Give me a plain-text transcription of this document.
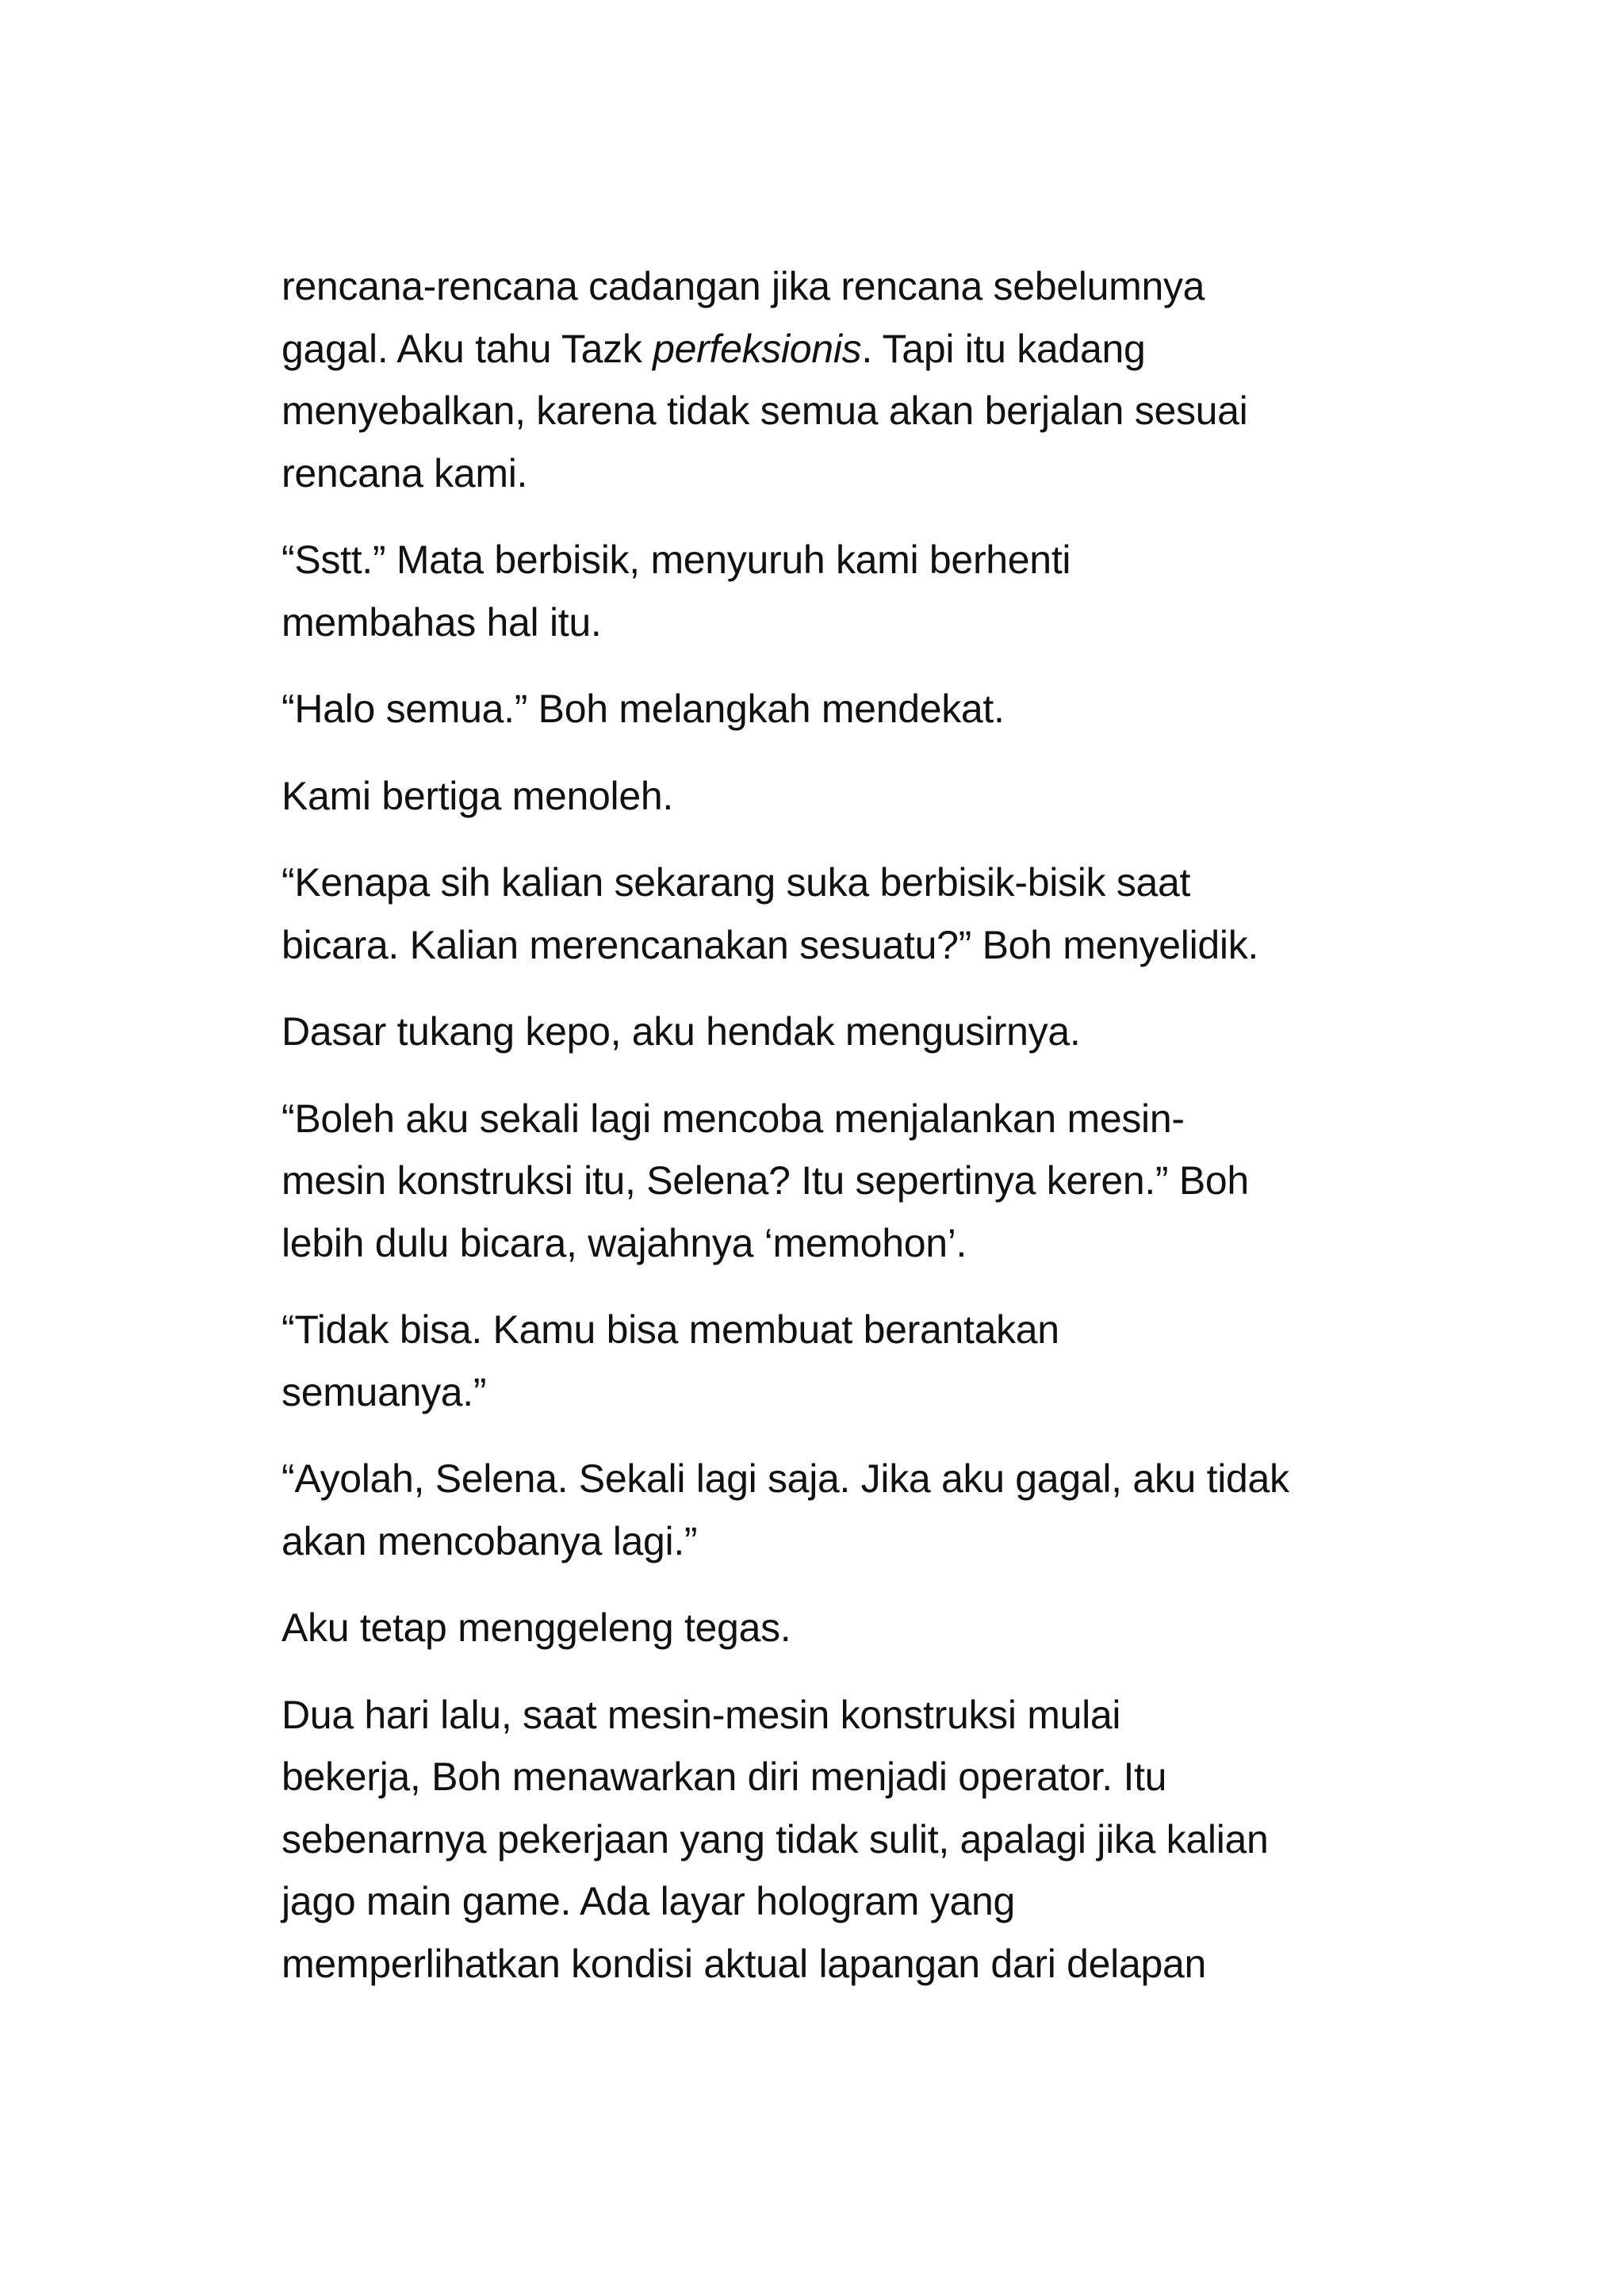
rencana-rencana cadangan jika rencana sebelumnya
gagal. Aku tahu Tazk perfeksionis. Tapi itu kadang
menyebalkan, karena tidak semua akan berjalan sesuai
rencana kami.

“Sstt.” Mata berbisik, menyuruh kami berhenti
membahas hal itu.

“Halo semua.” Boh melangkah mendekat.

Kami bertiga menoleh.

“Kenapa sih kalian sekarang suka berbisik-bisik saat
bicara. Kalian merencanakan sesuatu?” Boh menyelidik.

Dasar tukang kepo, aku hendak mengusirnya.

“Boleh aku sekali lagi mencoba menjalankan mesin-
mesin konstruksi itu, Selena? Itu sepertinya keren.” Boh
lebih dulu bicara, wajahnya ‘memohon’.

“Tidak bisa. Kamu bisa membuat berantakan
semuanya.”

“Ayolah, Selena. Sekali lagi saja. Jika aku gagal, aku tidak
akan mencobanya lagi.”

Aku tetap menggeleng tegas.

Dua hari lalu, saat mesin-mesin konstruksi mulai
bekerja, Boh menawarkan diri menjadi operator. Itu
sebenarnya pekerjaan yang tidak sulit, apalagi jika kalian
jago main game. Ada layar hologram yang
memperlihatkan kondisi aktual lapangan dari delapan
